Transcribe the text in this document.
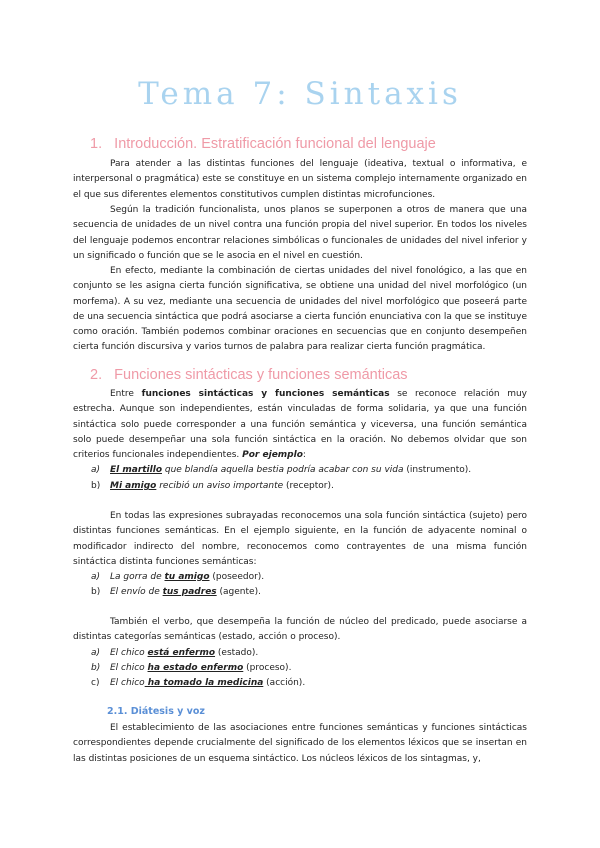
Tema 7: Sintaxis
1.   Introducción. Estratificación funcional del lenguaje

Para atender a las distintas funciones del lenguaje (ideativa, textual o informativa, e interpersonal o pragmática) este se constituye en un sistema complejo internamente organizado en el que sus diferentes elementos constitutivos cumplen distintas microfunciones.

Según la tradición funcionalista, unos planos se superponen a otros de manera que una secuencia de unidades de un nivel contra una función propia del nivel superior. En todos los niveles del lenguaje podemos encontrar relaciones simbólicas o funcionales de unidades del nivel inferior y un significado o función que se le asocia en el nivel en cuestión.

En efecto, mediante la combinación de ciertas unidades del nivel fonológico, a las que en conjunto se les asigna cierta función significativa, se obtiene una unidad del nivel morfológico (un morfema). A su vez, mediante una secuencia de unidades del nivel morfológico que poseerá parte de una secuencia sintáctica que podrá asociarse a cierta función enunciativa con la que se instituye como oración. También podemos combinar oraciones en secuencias que en conjunto desempeñen cierta función discursiva y varios turnos de palabra para realizar cierta función pragmática.

2.   Funciones sintácticas y funciones semánticas

Entre funciones sintácticas y funciones semánticas se reconoce relación muy estrecha. Aunque son independientes, están vinculadas de forma solidaria, ya que una función sintáctica solo puede corresponder a una función semántica y viceversa, una función semántica solo puede desempeñar una sola función sintáctica en la oración. No debemos olvidar que son criterios funcionales independientes. Por ejemplo:

a) El martillo que blandía aquella bestia podría acabar con su vida (instrumento).
b) Mi amigo recibió un aviso importante (receptor).

En todas las expresiones subrayadas reconocemos una sola función sintáctica (sujeto) pero distintas funciones semánticas. En el ejemplo siguiente, en la función de adyacente nominal o modificador indirecto del nombre, reconocemos como contrayentes de una misma función sintáctica distinta funciones semánticas:

a) La gorra de tu amigo (poseedor).
b) El envío de tus padres (agente).

También el verbo, que desempeña la función de núcleo del predicado, puede asociarse a distintas categorías semánticas (estado, acción o proceso).

a) El chico está enfermo (estado).
b) El chico ha estado enfermo (proceso).
c) El chico ha tomado la medicina (acción).
2.1. Diátesis y voz

El establecimiento de las asociaciones entre funciones semánticas y funciones sintácticas correspondientes depende crucialmente del significado de los elementos léxicos que se insertan en las distintas posiciones de un esquema sintáctico. Los núcleos léxicos de los sintagmas, y,
